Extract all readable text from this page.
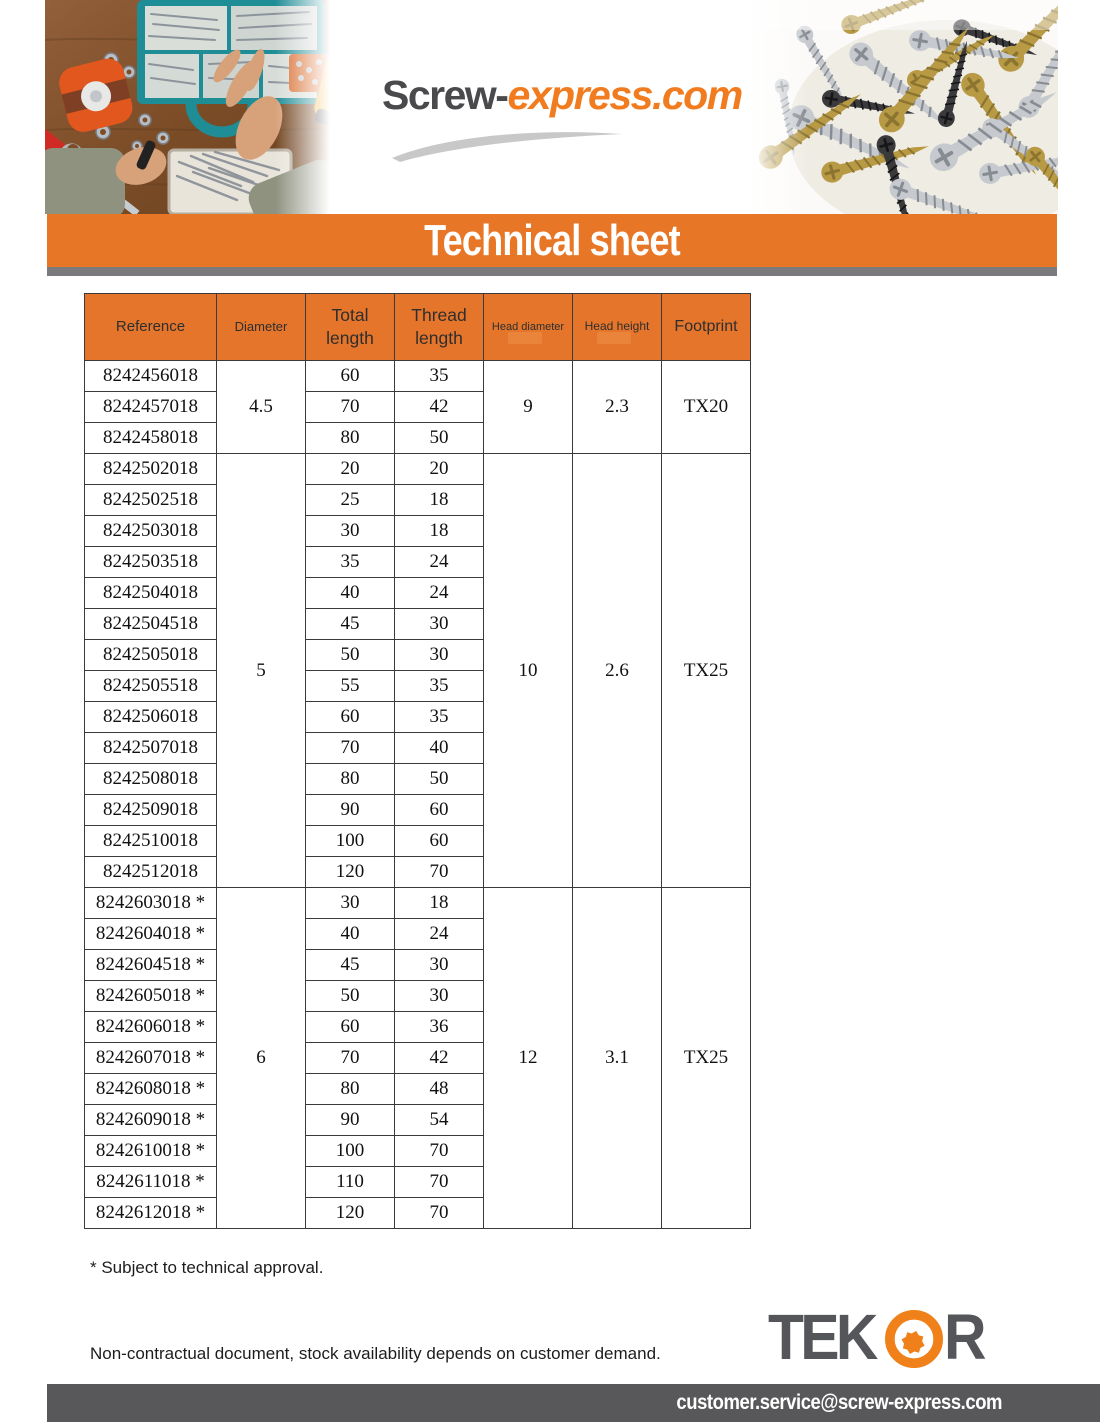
Screw-express.com
Technical sheet
Reference	Diameter	Total length	Thread length	Head diameter	Head height	Footprint
8242456018	4.5	60	35	9	2.3	TX20
8242457018		70	42			
8242458018		80	50			
8242502018	5	20	20	10	2.6	TX25
8242502518		25	18			
8242503018		30	18			
8242503518		35	24			
8242504018		40	24			
8242504518		45	30			
8242505018		50	30			
8242505518		55	35			
8242506018		60	35			
8242507018		70	40			
8242508018		80	50			
8242509018		90	60			
8242510018		100	60			
8242512018		120	70			
8242603018 *	6	30	18	12	3.1	TX25
8242604018 *		40	24			
8242604518 *		45	30			
8242605018 *		50	30			
8242606018 *		60	36			
8242607018 *		70	42			
8242608018 *		80	48			
8242609018 *		90	54			
8242610018 *		100	70			
8242611018 *		110	70			
8242612018 *		120	70			
* Subject to technical approval.
Non-contractual document, stock availability depends on customer demand. TEK R
customer.service@screw-express.com
